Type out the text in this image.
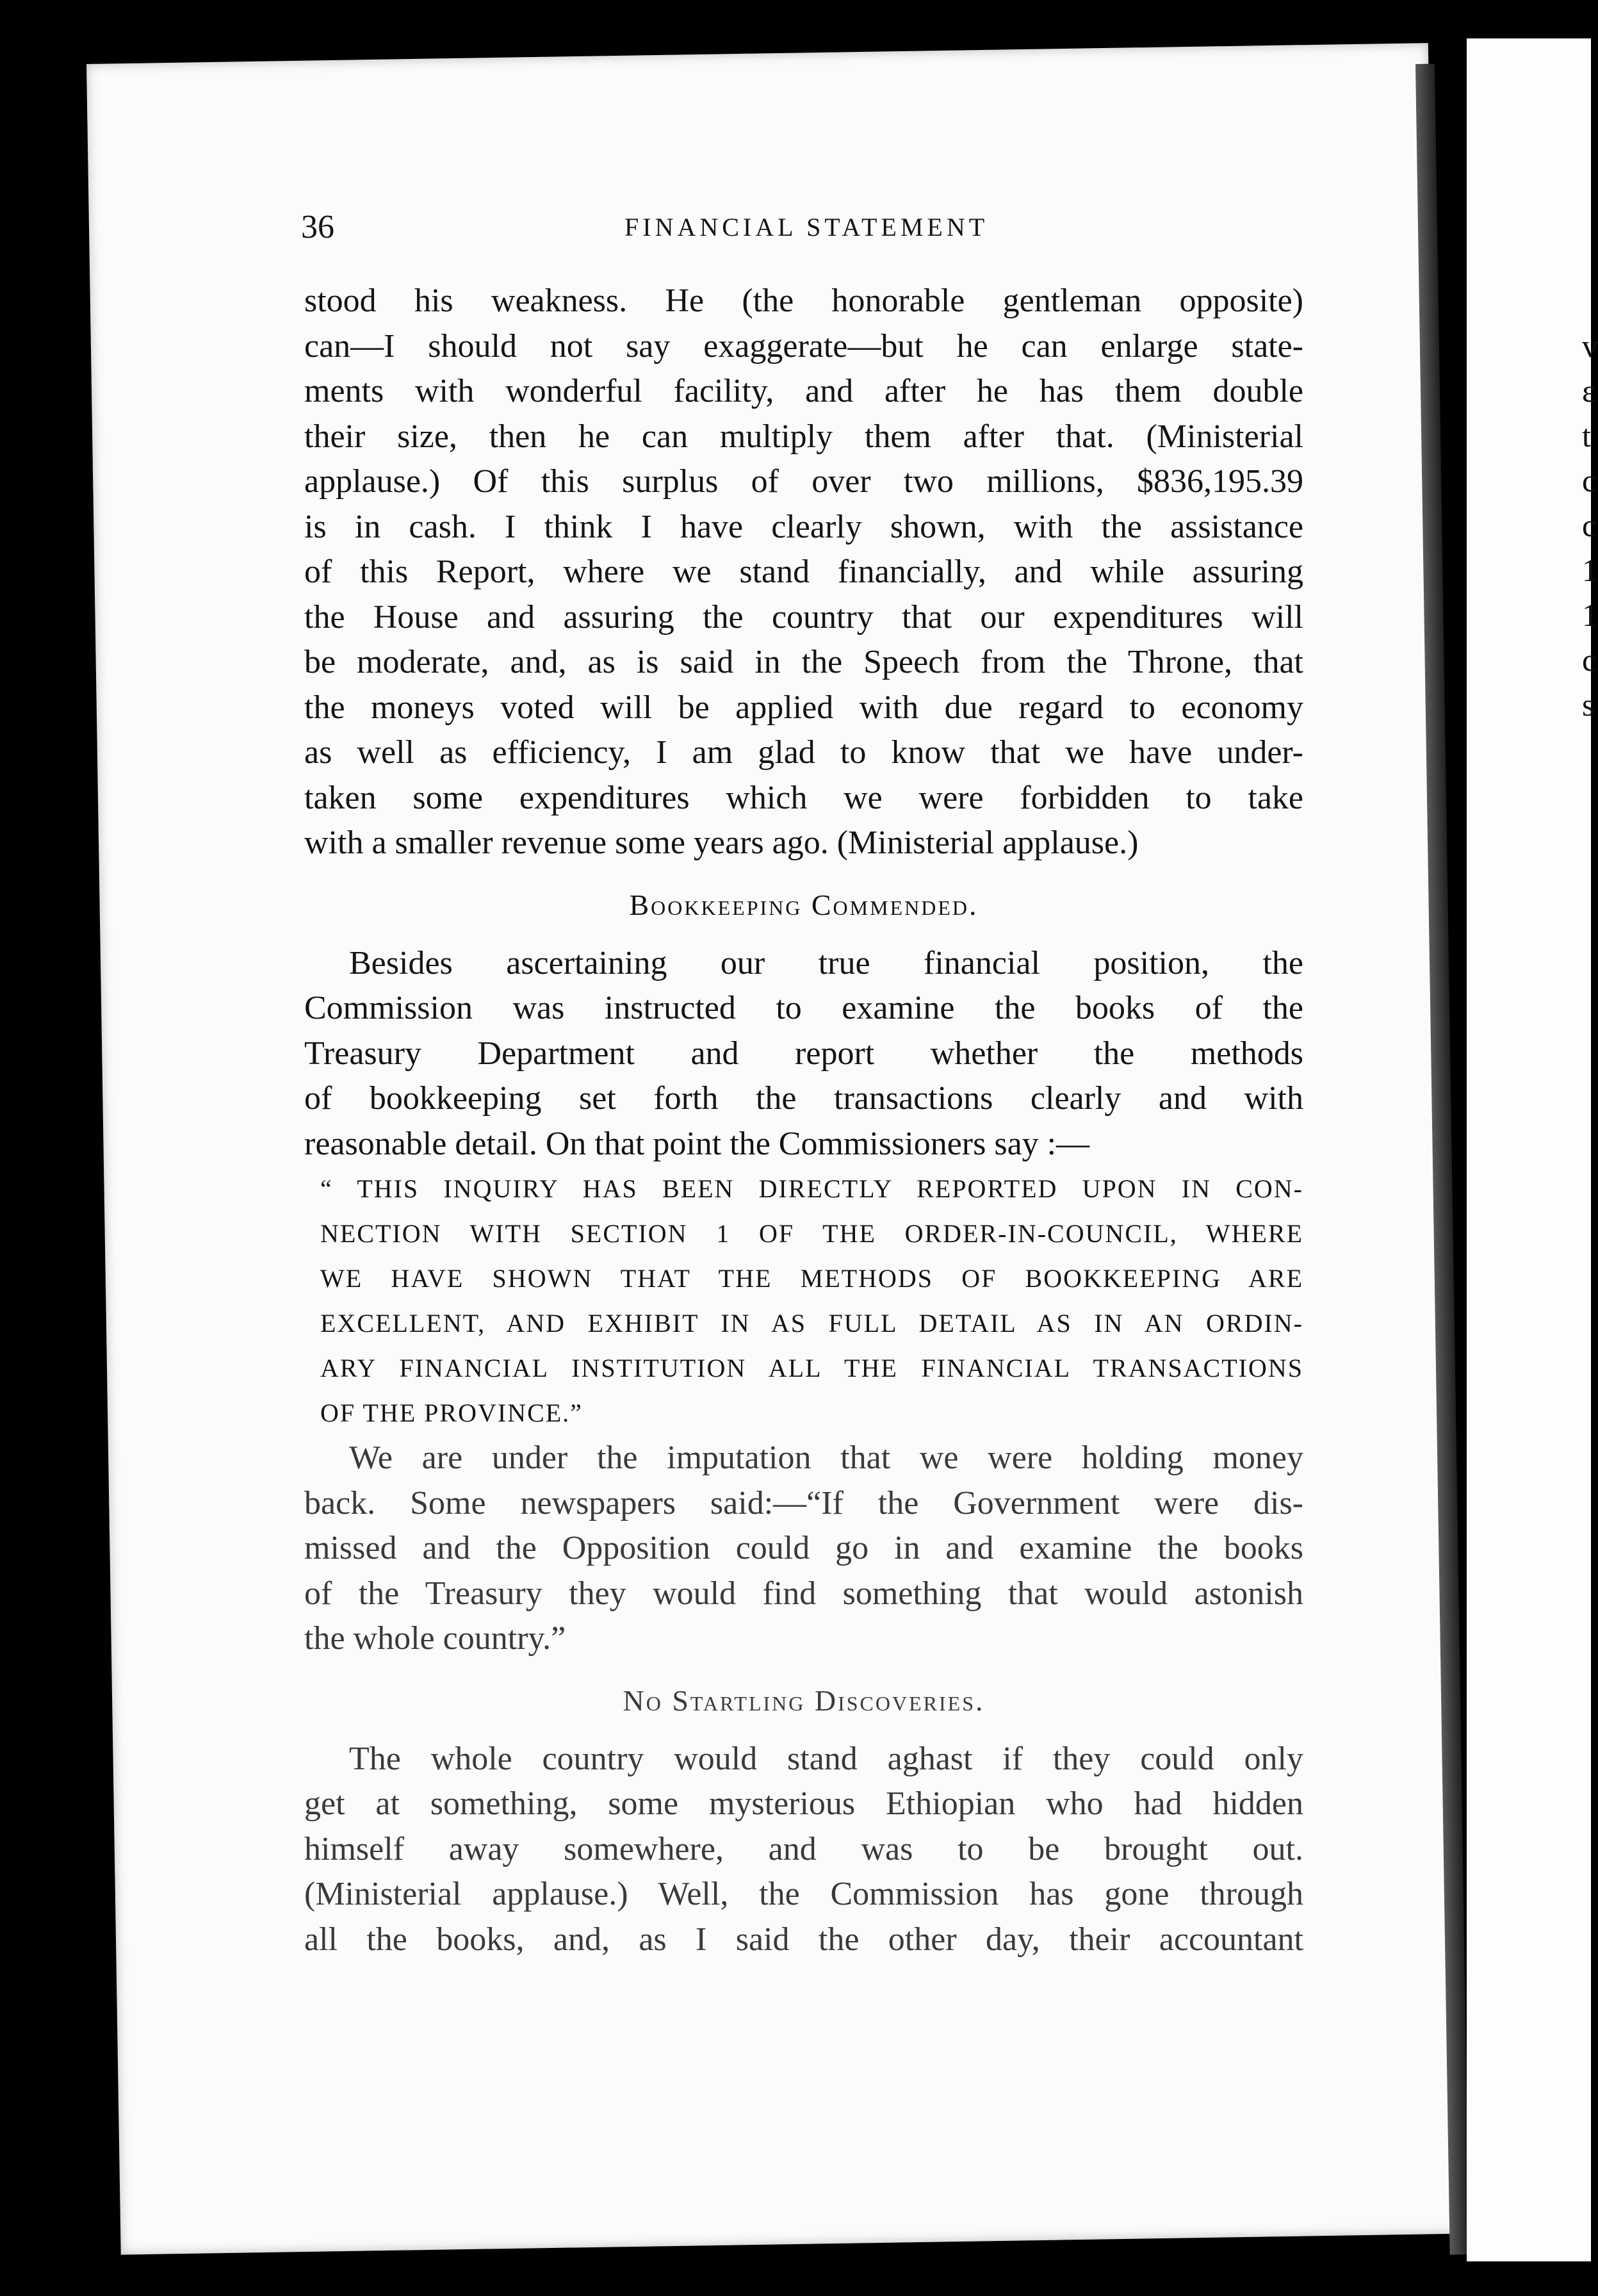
v
ε
t
c
c
1
1
c
s
36	FINANCIAL STATEMENT

stood his weakness. He (the honorable gentleman opposite)
can—I should not say exaggerate—but he can enlarge state-
ments with wonderful facility, and after he has them double
their size, then he can multiply them after that. (Ministerial
applause.) Of this surplus of over two millions, $836,195.39
is in cash. I think I have clearly shown, with the assistance
of this Report, where we stand financially, and while assuring
the House and assuring the country that our expenditures will
be moderate, and, as is said in the Speech from the Throne, that
the moneys voted will be applied with due regard to economy
as well as efficiency, I am glad to know that we have under-
taken some expenditures which we were forbidden to take
with a smaller revenue some years ago. (Ministerial applause.)

Bookkeeping Commended.

Besides ascertaining our true financial position, the
Commission was instructed to examine the books of the
Treasury Department and report whether the methods
of bookkeeping set forth the transactions clearly and with
reasonable detail. On that point the Commissioners say :—

“ THIS INQUIRY HAS BEEN DIRECTLY REPORTED UPON IN CON-
NECTION WITH SECTION 1 OF THE ORDER-IN-COUNCIL, WHERE
WE HAVE SHOWN THAT THE METHODS OF BOOKKEEPING ARE
EXCELLENT, AND EXHIBIT IN AS FULL DETAIL AS IN AN ORDIN-
ARY FINANCIAL INSTITUTION ALL THE FINANCIAL TRANSACTIONS
OF THE PROVINCE.”

We are under the imputation that we were holding money
back. Some newspapers said:—“If the Government were dis-
missed and the Opposition could go in and examine the books
of the Treasury they would find something that would astonish
the whole country.”

No Startling Discoveries.

The whole country would stand aghast if they could only
get at something, some mysterious Ethiopian who had hidden
himself away somewhere, and was to be brought out.
(Ministerial applause.) Well, the Commission has gone through
all the books, and, as I said the other day, their accountant
